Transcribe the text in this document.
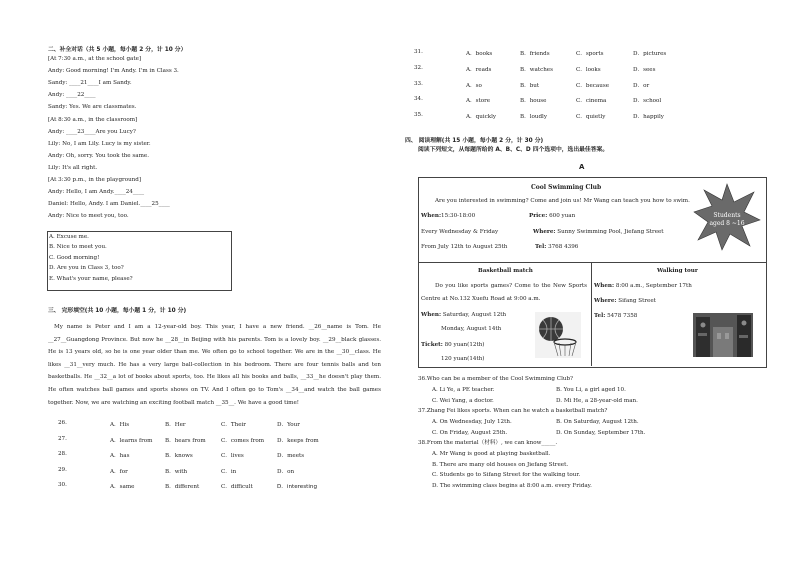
二、补全对话（共 5 小题，每小题 2 分，计 10 分）
[At 7:30 a.m., at the school gate]
Andy: Good morning! I'm Andy. I'm in Class 3.
Sandy: ____21____I am Sandy.
Andy: ____22____
Sandy: Yes. We are classmates.
[At 8:30 a.m., in the classroom]
Andy: ____23____Are you Lucy?
Lily: No, I am Lily. Lucy is my sister.
Andy: Oh, sorry. You took the same.
Lily: It's all right.
[At 3:30 p.m., in the playground]
Andy: Hello, I am Andy.____24____
Daniel: Hello, Andy. I am Daniel.____25____
Andy: Nice to meet you, too.
A. Excuse me.
B. Nice to meet you.
C. Good morning!
D. Are you in Class 3, too?
E. What's your name, please?
三、 完形填空(共 10 小题，每小题 1 分，计 10 分)
My name is Peter and I am a 12-year-old boy. This year, I have a new friend. __26__name is Tom. He __27__Guangdong Province. But now he __28__in Beijing with his parents. Tom is a lovely boy. __29__black glasses. He is 13 years old, so he is one year older than me. We often go to school together. We are in the __30__class. He likes __31__very much. He has a very large ball-collection in his bedroom. There are four tennis balls and ten basketballs. He __32__a lot of books about sports, too. He likes all his books and balls, __33__he doesn't play them. He often watches ball games and sports shows on TV. And I often go to Tom's __34__and watch the ball games together. Now, we are watching an exciting football match __35__. We have a good time!
26.	A．His	B．Her	C．Their	D．Your
27.	A．learns from B．hears from	C．comes from D．keeps from
28.	A．has	B．knows	C．lives	D．meets
29.	A．for	B．with	C．in	D．on
30.	A．same	B．different	C．difficult	D．interesting
31.	A．books	B．friends	C．sports	D．pictures
32.	A．reads	B．watches	C．looks	D．sees
33.	A．so	B．but	C．because	D．or
34.	A．store	B．house	C．cinema	D．school
35.	A．quickly	B．loudly	C．quietly	D．happily
四、 阅读理解(共 15 小题，每小题 2 分，计 30 分)
阅读下列短文，从每题所给的 A、B、C、D 四个选项中，选出最佳答案。
A
Cool Swimming Club
Are you interested in swimming? Come and join us! Mr Wang can teach you how to swim.
When:15:30-18:00	Price: 600 yuan
Every Wednesday & Friday	Where: Sunny Swimming Pool, Jiefang Street
From July 12th to August 25th	Tel: 3768 4396
Students
aged 8 ~16
Basketball match
Do you like sports games? Come to the New Sports Centre at No.132 Xuefu Road at 9:00 a.m.
When: Saturday, August 12th
Monday, August 14th
Ticket: 80 yuan(12th)
120 yuan(14th)
Walking tour
When: 8:00 a.m., September 17th
Where: Sifang Street
Tel: 5478 7358
36.Who can be a member of the Cool Swimming Club?
A. Li Ye, a PE teacher.	B. You Li, a girl aged 10.
C. Wei Yang, a doctor.	D. Mi He, a 28-year-old man.
37.Zhang Fei likes sports. When can he watch a basketball match?
A. On Wednesday, July 12th.	B. On Saturday, August 12th.
C. On Friday, August 25th.	D. On Sunday, September 17th.
38.From the material（材料）, we can know_____.
A. Mr Wang is good at playing basketball.
B. There are many old houses on Jiefang Street.
C. Students go to Sifang Street for the walking tour.
D. The swimming class begins at 8:00 a.m. every Friday.
